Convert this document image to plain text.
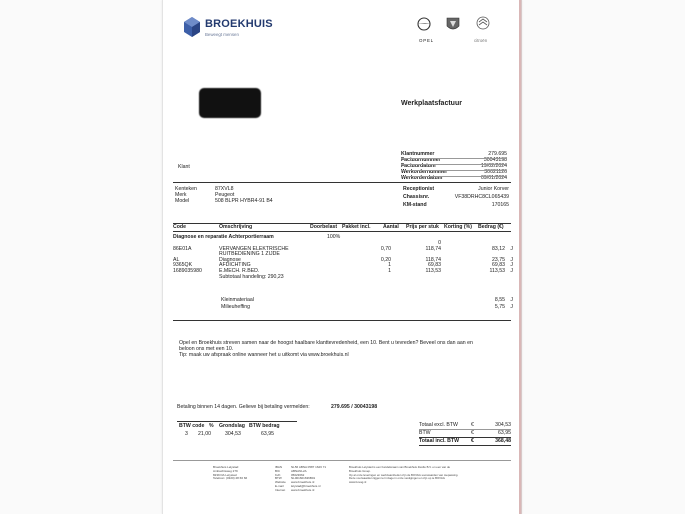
BROEKHUIS
Beweegt mensen
OPEL	citroën
Werkplaatsfactuur
Klantnummer	279.695
Factuurnummer	30043198
Factuurdatum	19/02/2024
Werkordernummer	30021126
Werkorderdatum	09/01/2024
Klant
Kenteken	87XVL8
Merk	Peugeot
Model	508 BLPR HYBR4-91 B4
Receptionist	Junior Korver
Chassisnr.	VF38DRHC8CL065439
KM-stand	170165
Code	Omschrijving	Doorbelast Pakket incl. Aantal Prijs per stuk Korting (%) Bedrag (€)
Diagnose en reparatie Achterportierraam	100%
0
86E01A	VERVANGEN ELEKTRISCHE	0,70	118,74	83,12 J
RUITBEDIENING 1 ZIJDE
AL	Diagnose	0,20	118,74	23,75 J
9365QK	AFDICHTING	1	69,83	69,83 J
1689035980	E.MECH. R.BED.	1	113,53	113,53 J
Subtotaal handeling: 290,23
Kleinmateriaal	8,55 J
Milieuheffing	5,75 J
Opel en Broekhuis streven samen naar de hoogst haalbare klanttevredenheid, een 10. Bent u tevreden? Beveel ons dan aan en
beloon ons met een 10.
Tip: maak uw afspraak online wanneer het u uitkomt via www.broekhuis.nl
Betaling binnen 14 dagen. Gelieve bij betaling vermelden:	279.695 / 30043198
BTW code % Grondslag BTW bedrag
3 21,00	304,53	63,95
Totaal excl. BTW	€	304,53
BTW	€	63,95
Totaal incl. BTW €	368,48
Broekhuis Lelystad
Ambachtsweg 279
8239 DA Lelystad
Telefoon: (0320) 28 66 66
IBAN	NL56 ABNA 0587 1626 71
BIC	ABNANL2A
KvK	05023662
BTW	NL001601636B01
Website www.broekhuis.nl
E-mail lelystad@broekhuis.nl
Internet www.broekhuis.nl
Broekhuis Lelystad is een handelsnaam van Broekhuis Zwolle B.V. en een van de
Broekhuis Groep.
Op al onze leveringen en werkzaamheden zijn de BOVAG-voorwaarden van toepassing.
Deze voorwaarden liggen ter inzage in onze vestigingen en zijn op te BOVAG
www.bovag.nl
